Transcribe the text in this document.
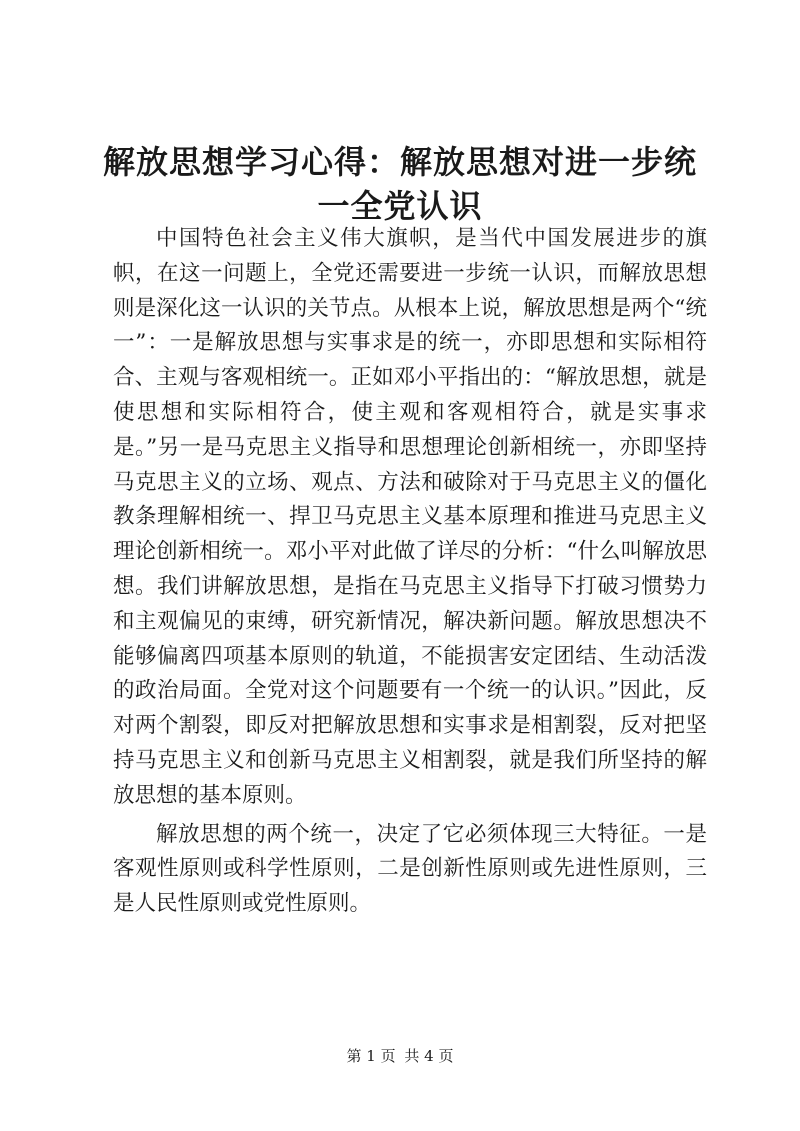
解放思想学习心得：解放思想对进一步统一全党认识

中国特色社会主义伟大旗帜，是当代中国发展进步的旗帜，在这一问题上，全党还需要进一步统一认识，而解放思想则是深化这一认识的关节点。从根本上说，解放思想是两个“统一”：一是解放思想与实事求是的统一，亦即思想和实际相符合、主观与客观相统一。正如邓小平指出的：“解放思想，就是使思想和实际相符合，使主观和客观相符合，就是实事求是。”另一是马克思主义指导和思想理论创新相统一，亦即坚持马克思主义的立场、观点、方法和破除对于马克思主义的僵化教条理解相统一、捍卫马克思主义基本原理和推进马克思主义理论创新相统一。邓小平对此做了详尽的分析：“什么叫解放思想。我们讲解放思想，是指在马克思主义指导下打破习惯势力和主观偏见的束缚，研究新情况，解决新问题。解放思想决不能够偏离四项基本原则的轨道，不能损害安定团结、生动活泼的政治局面。全党对这个问题要有一个统一的认识。”因此，反对两个割裂，即反对把解放思想和实事求是相割裂，反对把坚持马克思主义和创新马克思主义相割裂，就是我们所坚持的解放思想的基本原则。

解放思想的两个统一，决定了它必须体现三大特征。一是客观性原则或科学性原则，二是创新性原则或先进性原则，三是人民性原则或党性原则。

第 1 页 共 4 页
